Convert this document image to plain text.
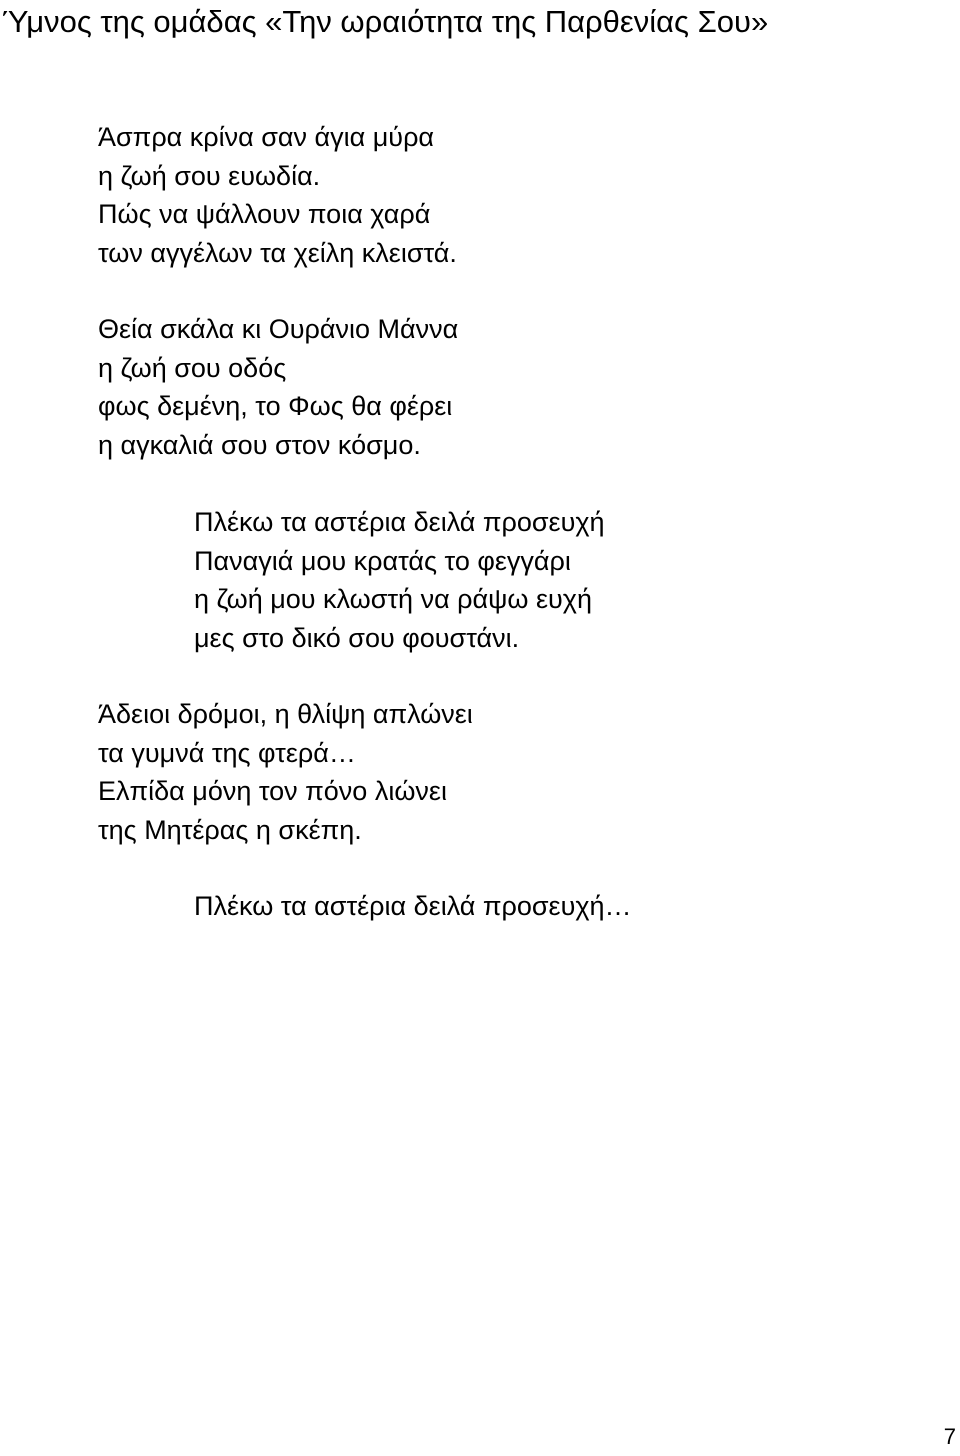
Ύμνος της ομάδας «Την ωραιότητα της Παρθενίας Σου»
Άσπρα κρίνα σαν άγια μύρα
η ζωή σου ευωδία.
Πώς να ψάλλουν ποια χαρά
των αγγέλων τα χείλη κλειστά.
Θεία σκάλα κι Ουράνιο Μάννα
η ζωή σου οδός
φως δεμένη, το Φως θα φέρει
η αγκαλιά σου στον κόσμο.
Πλέκω τα αστέρια δειλά προσευχή
Παναγιά μου κρατάς το φεγγάρι
η ζωή μου κλωστή να ράψω ευχή
μες στο δικό σου φουστάνι.
Άδειοι δρόμοι, η θλίψη απλώνει
τα γυμνά της φτερά…
Ελπίδα μόνη τον πόνο λιώνει
της Μητέρας η σκέπη.
Πλέκω τα αστέρια δειλά προσευχή…
7
